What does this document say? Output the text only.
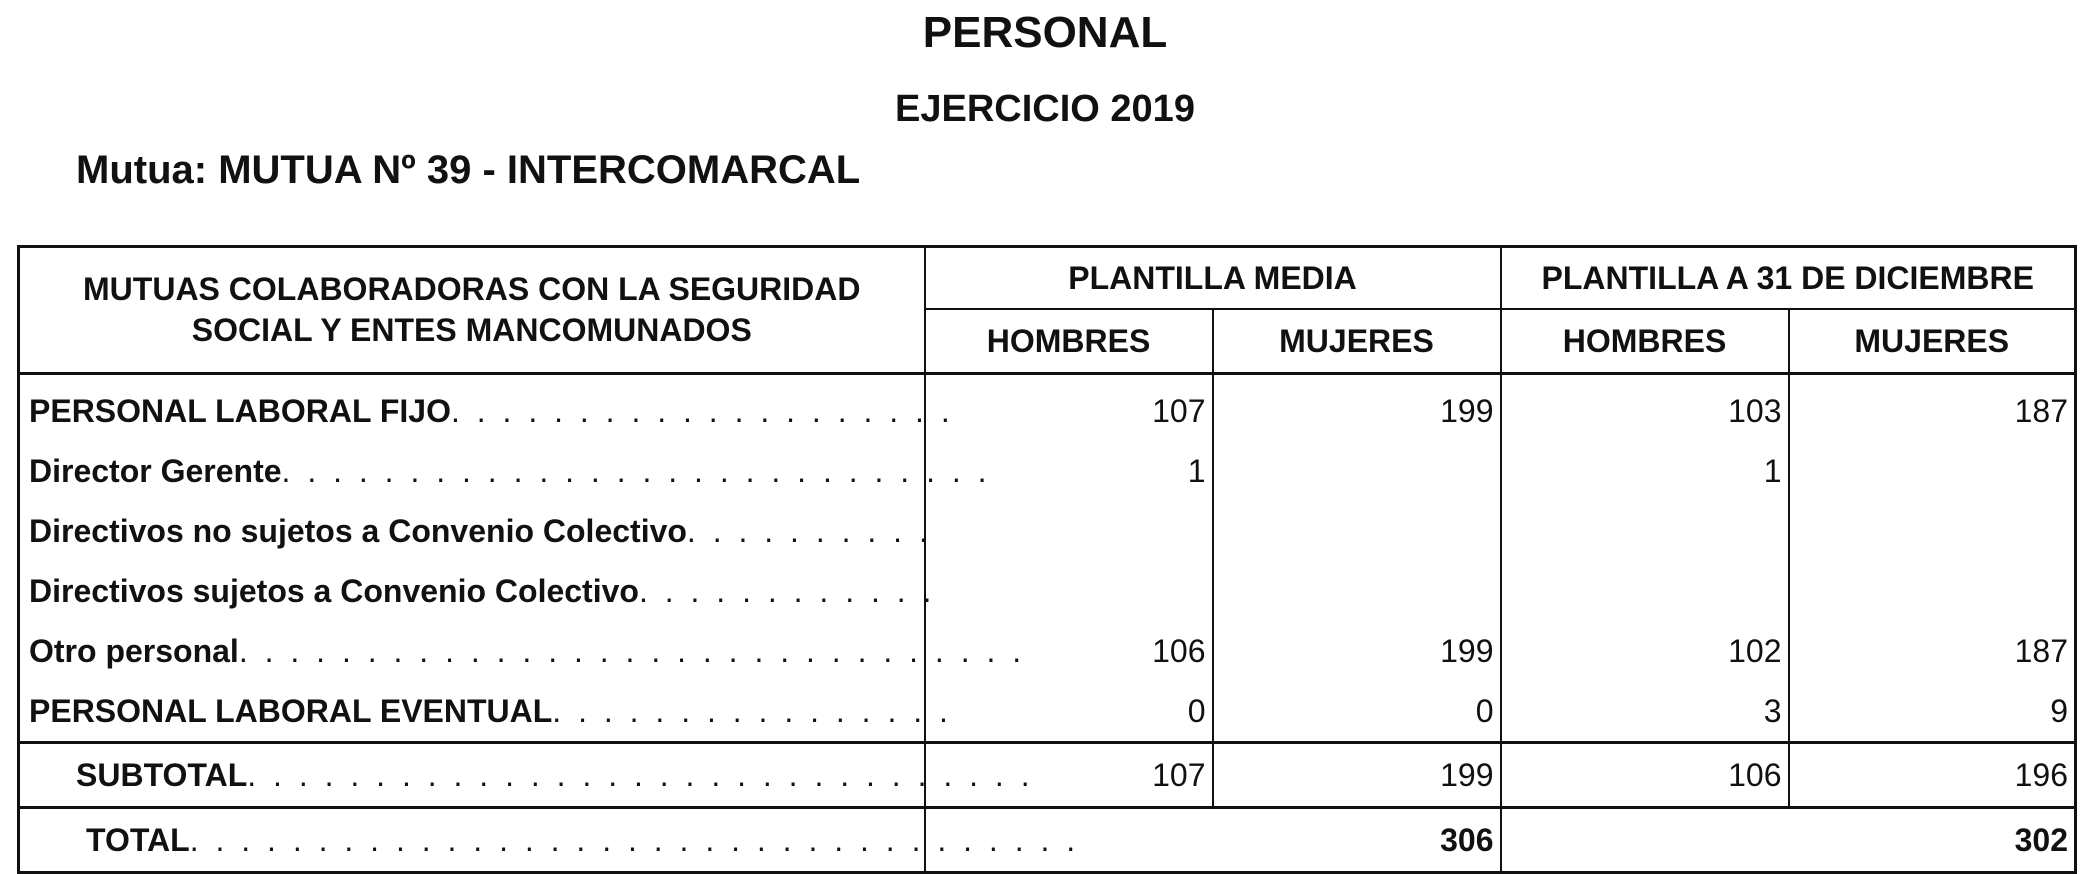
PERSONAL
EJERCICIO 2019
Mutua: MUTUA Nº 39 - INTERCOMARCAL
MUTUAS COLABORADORAS CON LA SEGURIDAD SOCIAL Y ENTES MANCOMUNADOS	PLANTILLA MEDIA		PLANTILLA A 31 DE DICIEMBRE	
	HOMBRES	MUJERES	HOMBRES	MUJERES
PERSONAL LABORAL FIJO. . . . . . . . . . . . . . . . . . . .	107	199	103	187
Director Gerente. . . . . . . . . . . . . . . . . . . . . . . . . . . .	1		1	
Directivos no sujetos a Convenio Colectivo. . . . . . . . . .				
Directivos sujetos a Convenio Colectivo. . . . . . . . . . . .				
Otro personal. . . . . . . . . . . . . . . . . . . . . . . . . . . . . . .	106	199	102	187
PERSONAL LABORAL EVENTUAL. . . . . . . . . . . . . . . .	0	0	3	9
SUBTOTAL. . . . . . . . . . . . . . . . . . . . . . . . . . . . . . .	107	199	106	196
TOTAL. . . . . . . . . . . . . . . . . . . . . . . . . . . . . . . . . . .	306		302	
